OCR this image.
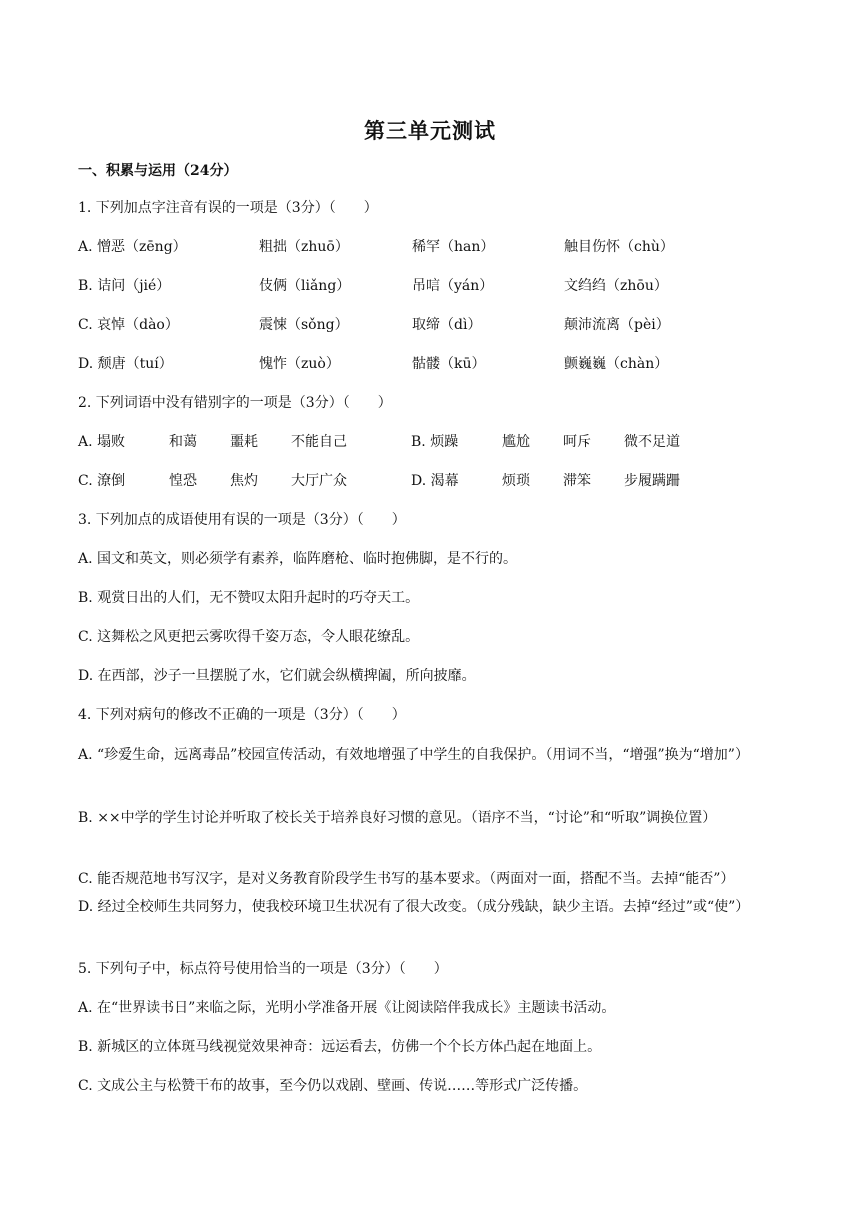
第三单元测试
一、积累与运用（24分）
1. 下列加点字注音有误的一项是（3分）（　　）
A. 憎恶（zēng）	粗拙（zhuō）	稀罕（han）	触目伤怀（chù）
B. 诘问（jié）	伎俩（liǎng）	吊唁（yán）	文绉绉（zhōu）
C. 哀悼（dào）	震悚（sǒng）	取缔（dì）	颠沛流离（pèi）
D. 颓唐（tuí）	愧怍（zuò）	骷髅（kū）	颤巍巍（chàn）
2. 下列词语中没有错别字的一项是（3分）（　　）
A. 塌败	和蔼 噩耗 不能自己	B. 烦躁	尴尬 呵斥 微不足道
C. 潦倒	惶恐 焦灼 大厅广众	D. 渴幕	烦琐 滞笨 步履蹒跚
3. 下列加点的成语使用有误的一项是（3分）（　　）
A. 国文和英文，则必须学有素养，临阵磨枪、临时抱佛脚，是不行的。
B. 观赏日出的人们，无不赞叹太阳升起时的巧夺天工。
C. 这舞松之风更把云雾吹得千姿万态，令人眼花缭乱。
D. 在西部，沙子一旦摆脱了水，它们就会纵横捭阖，所向披靡。
4. 下列对病句的修改不正确的一项是（3分）（　　）
A. “珍爱生命，远离毒品”校园宣传活动，有效地增强了中学生的自我保护。（用词不当，“增强”换为“增加”）
B. ××中学的学生讨论并听取了校长关于培养良好习惯的意见。（语序不当，“讨论”和“听取”调换位置）
C. 能否规范地书写汉字，是对义务教育阶段学生书写的基本要求。（两面对一面，搭配不当。去掉“能否”）
D. 经过全校师生共同努力，使我校环境卫生状况有了很大改变。（成分残缺，缺少主语。去掉“经过”或“使”）
5. 下列句子中，标点符号使用恰当的一项是（3分）（　　）
A. 在“世界读书日”来临之际，光明小学准备开展《让阅读陪伴我成长》主题读书活动。
B. 新城区的立体斑马线视觉效果神奇：远运看去，仿佛一个个长方体凸起在地面上。
C. 文成公主与松赞干布的故事，至今仍以戏剧、壁画、传说……等形式广泛传播。
